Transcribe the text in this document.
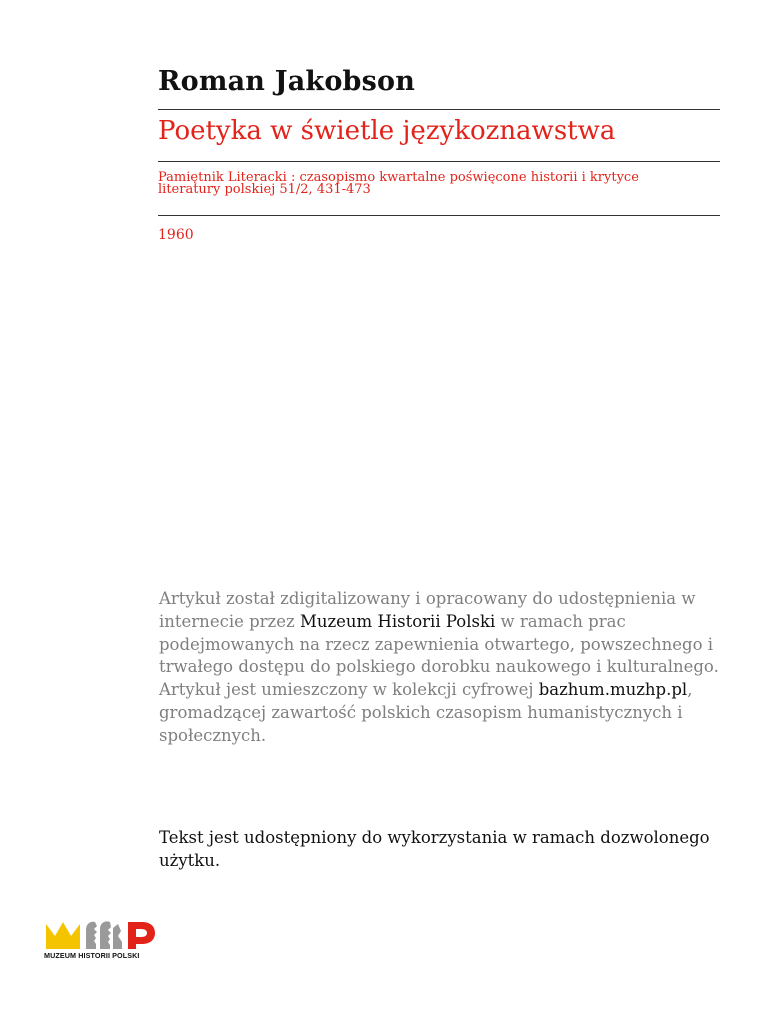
Roman Jakobson
Poetyka w świetle językoznawstwa
Pamiętnik Literacki : czasopismo kwartalne poświęcone historii i krytyce
literatury polskiej 51/2, 431-473
1960
Artykuł został zdigitalizowany i opracowany do udostępnienia w internecie przez Muzeum Historii Polski w ramach prac podejmowanych na rzecz zapewnienia otwartego, powszechnego i trwałego dostępu do polskiego dorobku naukowego i kulturalnego. Artykuł jest umieszczony w kolekcji cyfrowej bazhum.muzhp.pl, gromadzącej zawartość polskich czasopism humanistycznych i społecznych.
Tekst jest udostępniony do wykorzystania w ramach dozwolonego użytku.
MUZEUM HISTORII POLSKI
